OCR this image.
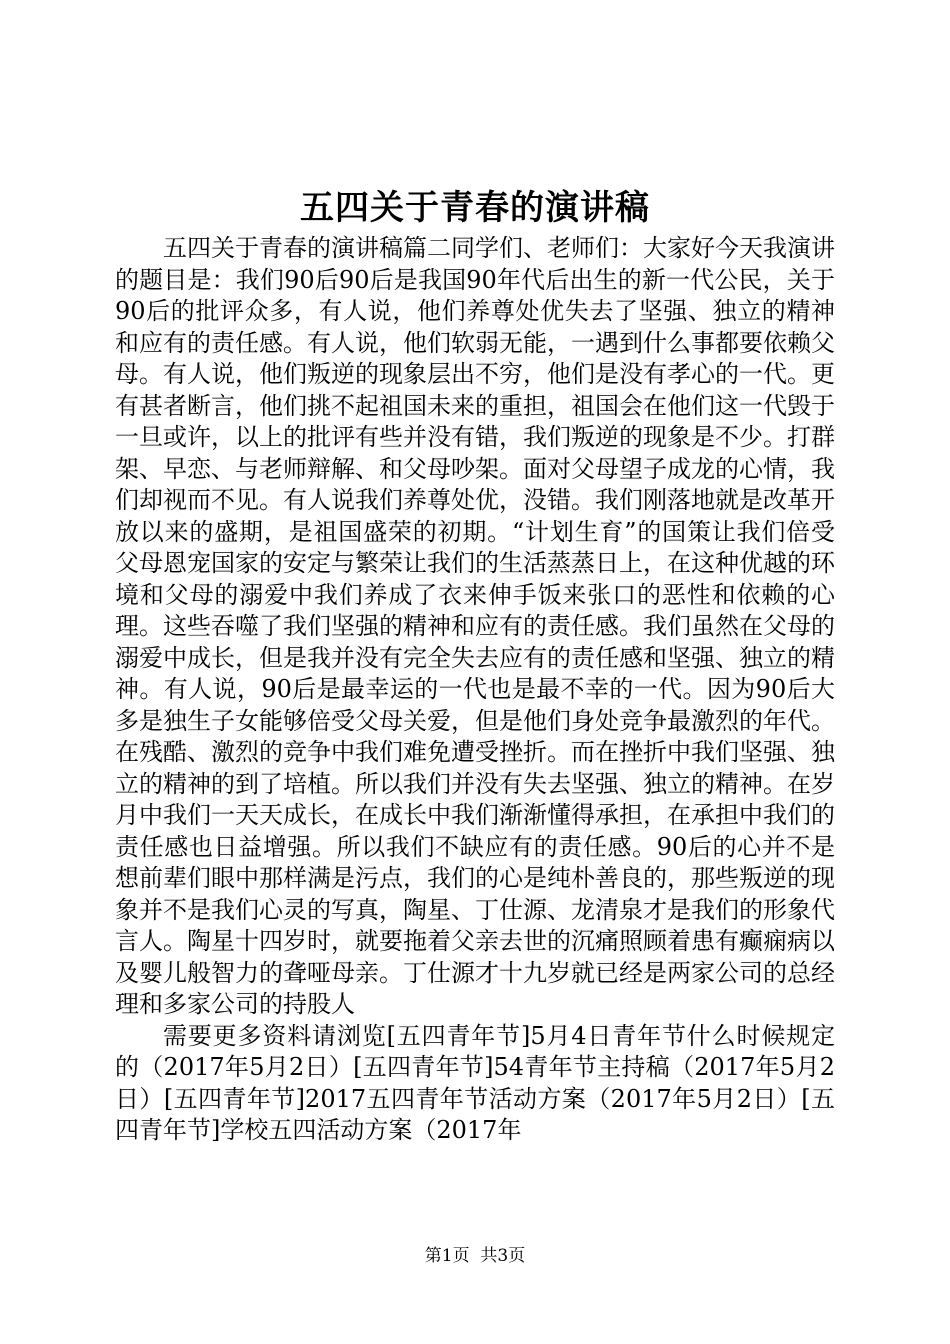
五四关于青春的演讲稿

五四关于青春的演讲稿篇二同学们、老师们：大家好今天我演讲的题目是：我们90后90后是我国90年代后出生的新一代公民，关于90后的批评众多，有人说，他们养尊处优失去了坚强、独立的精神和应有的责任感。有人说，他们软弱无能，一遇到什么事都要依赖父母。有人说，他们叛逆的现象层出不穷，他们是没有孝心的一代。更有甚者断言，他们挑不起祖国未来的重担，祖国会在他们这一代毁于一旦或许，以上的批评有些并没有错，我们叛逆的现象是不少。打群架、早恋、与老师辩解、和父母吵架。面对父母望子成龙的心情，我们却视而不见。有人说我们养尊处优，没错。我们刚落地就是改革开放以来的盛期，是祖国盛荣的初期。“计划生育”的国策让我们倍受父母恩宠国家的安定与繁荣让我们的生活蒸蒸日上，在这种优越的环境和父母的溺爱中我们养成了衣来伸手饭来张口的恶性和依赖的心理。这些吞噬了我们坚强的精神和应有的责任感。我们虽然在父母的溺爱中成长，但是我并没有完全失去应有的责任感和坚强、独立的精神。有人说，90后是最幸运的一代也是最不幸的一代。因为90后大多是独生子女能够倍受父母关爱，但是他们身处竞争最激烈的年代。在残酷、激烈的竞争中我们难免遭受挫折。而在挫折中我们坚强、独立的精神的到了培植。所以我们并没有失去坚强、独立的精神。在岁月中我们一天天成长，在成长中我们渐渐懂得承担，在承担中我们的责任感也日益增强。所以我们不缺应有的责任感。90后的心并不是想前辈们眼中那样满是污点，我们的心是纯朴善良的，那些叛逆的现象并不是我们心灵的写真，陶星、丁仕源、龙清泉才是我们的形象代言人。陶星十四岁时，就要拖着父亲去世的沉痛照顾着患有癫痫病以及婴儿般智力的聋哑母亲。丁仕源才十九岁就已经是两家公司的总经理和多家公司的持股人

需要更多资料请浏览[五四青年节]5月4日青年节什么时候规定的（2017年5月2日）[五四青年节]54青年节主持稿（2017年5月2日）[五四青年节]2017五四青年节活动方案（2017年5月2日）[五四青年节]学校五四活动方案（2017年

第1页  共3页
